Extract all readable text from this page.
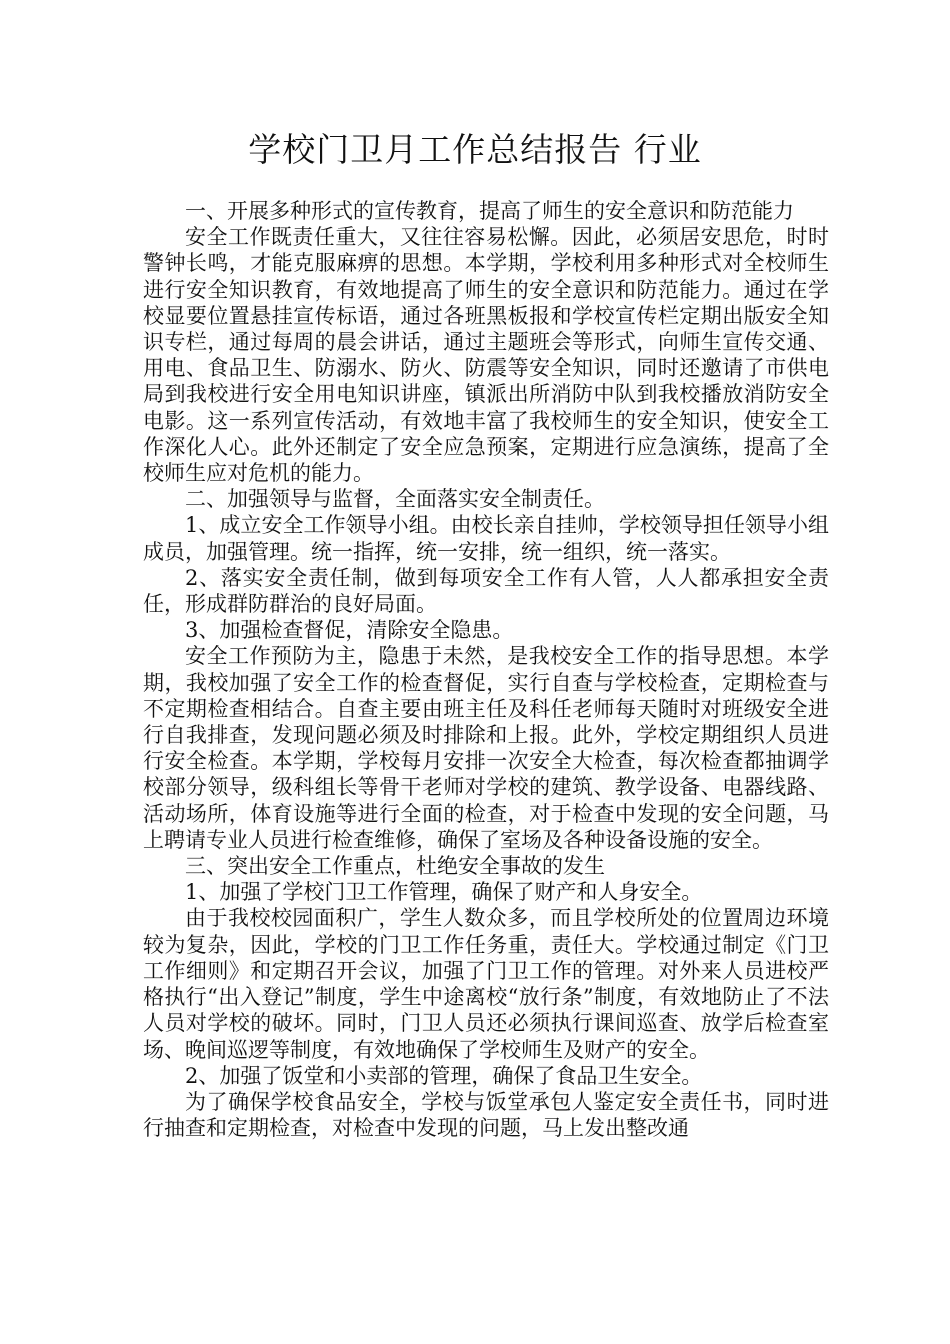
学校门卫月工作总结报告 行业

一、开展多种形式的宣传教育，提高了师生的安全意识和防范能力

安全工作既责任重大，又往往容易松懈。因此，必须居安思危，时时警钟长鸣，才能克服麻痹的思想。本学期，学校利用多种形式对全校师生进行安全知识教育，有效地提高了师生的安全意识和防范能力。通过在学校显要位置悬挂宣传标语，通过各班黑板报和学校宣传栏定期出版安全知识专栏，通过每周的晨会讲话，通过主题班会等形式，向师生宣传交通、用电、食品卫生、防溺水、防火、防震等安全知识，同时还邀请了市供电局到我校进行安全用电知识讲座，镇派出所消防中队到我校播放消防安全电影。这一系列宣传活动，有效地丰富了我校师生的安全知识，使安全工作深化人心。此外还制定了安全应急预案，定期进行应急演练，提高了全校师生应对危机的能力。

二、加强领导与监督，全面落实安全制责任。

1、成立安全工作领导小组。由校长亲自挂帅，学校领导担任领导小组成员，加强管理。统一指挥，统一安排，统一组织，统一落实。

2、落实安全责任制，做到每项安全工作有人管，人人都承担安全责任，形成群防群治的良好局面。

3、加强检查督促，清除安全隐患。

安全工作预防为主，隐患于未然，是我校安全工作的指导思想。本学期，我校加强了安全工作的检查督促，实行自查与学校检查，定期检查与不定期检查相结合。自查主要由班主任及科任老师每天随时对班级安全进行自我排查，发现问题必须及时排除和上报。此外，学校定期组织人员进行安全检查。本学期，学校每月安排一次安全大检查，每次检查都抽调学校部分领导，级科组长等骨干老师对学校的建筑、教学设备、电器线路、活动场所，体育设施等进行全面的检查，对于检查中发现的安全问题，马上聘请专业人员进行检查维修，确保了室场及各种设备设施的安全。

三、突出安全工作重点，杜绝安全事故的发生

1、加强了学校门卫工作管理，确保了财产和人身安全。

由于我校校园面积广，学生人数众多，而且学校所处的位置周边环境较为复杂，因此，学校的门卫工作任务重，责任大。学校通过制定《门卫工作细则》和定期召开会议，加强了门卫工作的管理。对外来人员进校严格执行“出入登记”制度，学生中途离校“放行条”制度，有效地防止了不法人员对学校的破坏。同时，门卫人员还必须执行课间巡查、放学后检查室场、晚间巡逻等制度，有效地确保了学校师生及财产的安全。

2、加强了饭堂和小卖部的管理，确保了食品卫生安全。

为了确保学校食品安全，学校与饭堂承包人鉴定安全责任书，同时进行抽查和定期检查，对检查中发现的问题，马上发出整改通
